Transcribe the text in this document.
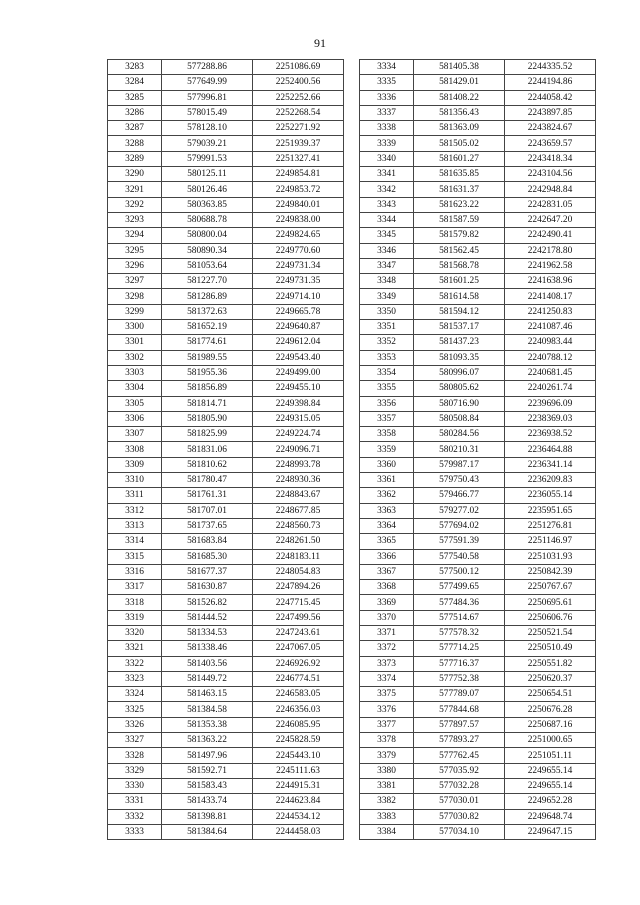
91
3283	577288.86	2251086.69
3284	577649.99	2252400.56
3285	577996.81	2252252.66
3286	578015.49	2252268.54
3287	578128.10	2252271.92
3288	579039.21	2251939.37
3289	579991.53	2251327.41
3290	580125.11	2249854.81
3291	580126.46	2249853.72
3292	580363.85	2249840.01
3293	580688.78	2249838.00
3294	580800.04	2249824.65
3295	580890.34	2249770.60
3296	581053.64	2249731.34
3297	581227.70	2249731.35
3298	581286.89	2249714.10
3299	581372.63	2249665.78
3300	581652.19	2249640.87
3301	581774.61	2249612.04
3302	581989.55	2249543.40
3303	581955.36	2249499.00
3304	581856.89	2249455.10
3305	581814.71	2249398.84
3306	581805.90	2249315.05
3307	581825.99	2249224.74
3308	581831.06	2249096.71
3309	581810.62	2248993.78
3310	581780.47	2248930.36
3311	581761.31	2248843.67
3312	581707.01	2248677.85
3313	581737.65	2248560.73
3314	581683.84	2248261.50
3315	581685.30	2248183.11
3316	581677.37	2248054.83
3317	581630.87	2247894.26
3318	581526.82	2247715.45
3319	581444.52	2247499.56
3320	581334.53	2247243.61
3321	581338.46	2247067.05
3322	581403.56	2246926.92
3323	581449.72	2246774.51
3324	581463.15	2246583.05
3325	581384.58	2246356.03
3326	581353.38	2246085.95
3327	581363.22	2245828.59
3328	581497.96	2245443.10
3329	581592.71	2245111.63
3330	581583.43	2244915.31
3331	581433.74	2244623.84
3332	581398.81	2244534.12
3333	581384.64	2244458.03
3334	581405.38	2244335.52
3335	581429.01	2244194.86
3336	581408.22	2244058.42
3337	581356.43	2243897.85
3338	581363.09	2243824.67
3339	581505.02	2243659.57
3340	581601.27	2243418.34
3341	581635.85	2243104.56
3342	581631.37	2242948.84
3343	581623.22	2242831.05
3344	581587.59	2242647.20
3345	581579.82	2242490.41
3346	581562.45	2242178.80
3347	581568.78	2241962.58
3348	581601.25	2241638.96
3349	581614.58	2241408.17
3350	581594.12	2241250.83
3351	581537.17	2241087.46
3352	581437.23	2240983.44
3353	581093.35	2240788.12
3354	580996.07	2240681.45
3355	580805.62	2240261.74
3356	580716.90	2239696.09
3357	580508.84	2238369.03
3358	580284.56	2236938.52
3359	580210.31	2236464.88
3360	579987.17	2236341.14
3361	579750.43	2236209.83
3362	579466.77	2236055.14
3363	579277.02	2235951.65
3364	577694.02	2251276.81
3365	577591.39	2251146.97
3366	577540.58	2251031.93
3367	577500.12	2250842.39
3368	577499.65	2250767.67
3369	577484.36	2250695.61
3370	577514.67	2250606.76
3371	577578.32	2250521.54
3372	577714.25	2250510.49
3373	577716.37	2250551.82
3374	577752.38	2250620.37
3375	577789.07	2250654.51
3376	577844.68	2250676.28
3377	577897.57	2250687.16
3378	577893.27	2251000.65
3379	577762.45	2251051.11
3380	577035.92	2249655.14
3381	577032.28	2249655.14
3382	577030.01	2249652.28
3383	577030.82	2249648.74
3384	577034.10	2249647.15
